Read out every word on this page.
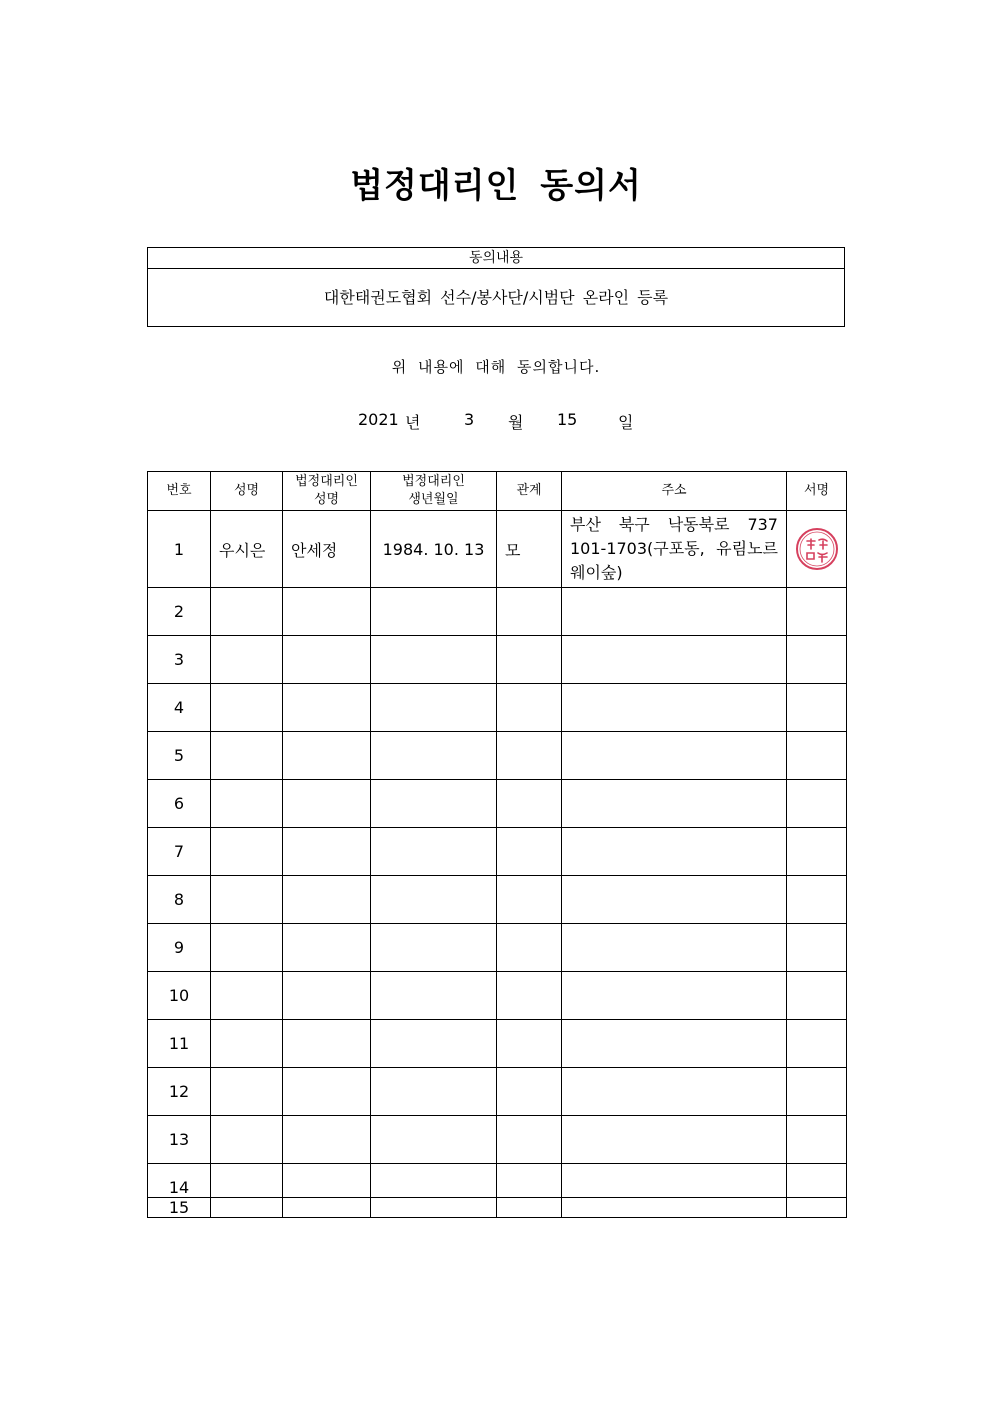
법정대리인 동의서
동의내용
대한태권도협회 선수/봉사단/시범단 온라인 등록
위 내용에 대해 동의합니다.
2021 년	3 월 15	일
번호	성명	법정대리인 성명	법정대리인 생년월일	관계	주소	서명
1	우시은	안세정	1984. 10. 13	모	부산 북구 낙동북로 737 101-1703(구포동, 유림노르웨이숲)	
2						
3						
4						
5						
6						
7						
8						
9						
10						
11						
12						
13						
14						
15						
